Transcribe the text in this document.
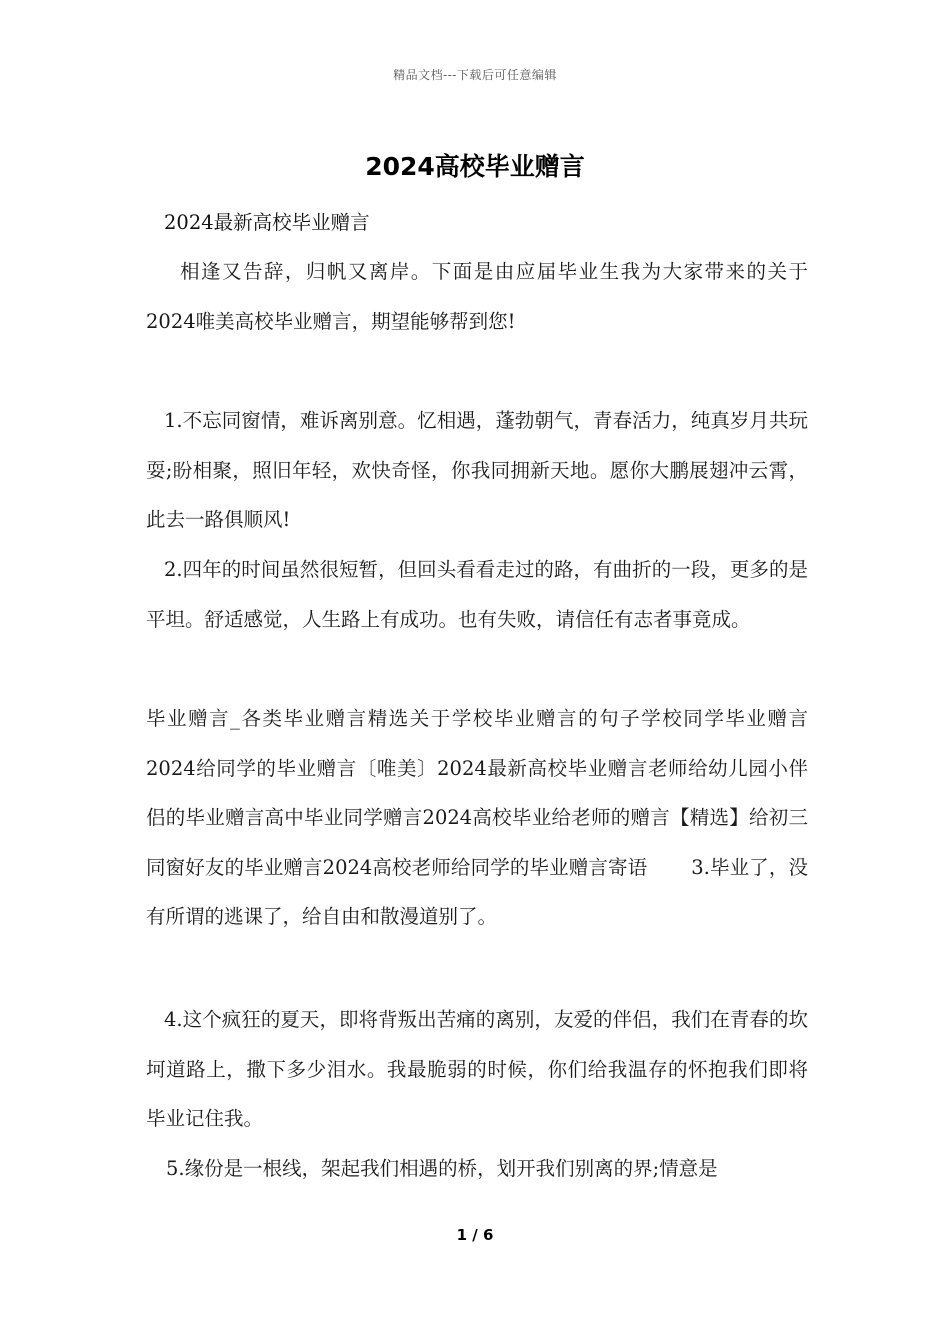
精品文档---下载后可任意编辑
2024高校毕业赠言
2024最新高校毕业赠言

相逢又告辞，归帆又离岸。下面是由应届毕业生我为大家带来的关于2024唯美高校毕业赠言，期望能够帮到您!

1.不忘同窗情，难诉离别意。忆相遇，蓬勃朝气，青春活力，纯真岁月共玩耍;盼相聚，照旧年轻，欢快奇怪，你我同拥新天地。愿你大鹏展翅冲云霄，此去一路俱顺风!

2.四年的时间虽然很短暂，但回头看看走过的路，有曲折的一段，更多的是平坦。舒适感觉，人生路上有成功。也有失败，请信任有志者事竟成。

毕业赠言_各类毕业赠言精选关于学校毕业赠言的句子学校同学毕业赠言2024给同学的毕业赠言〔唯美〕2024最新高校毕业赠言老师给幼儿园小伴侣的毕业赠言高中毕业同学赠言2024高校毕业给老师的赠言【精选】给初三同窗好友的毕业赠言2024高校老师给同学的毕业赠言寄语 3.毕业了，没有所谓的逃课了，给自由和散漫道别了。

4.这个疯狂的夏天，即将背叛出苦痛的离别，友爱的伴侣，我们在青春的坎坷道路上，撒下多少泪水。我最脆弱的时候，你们给我温存的怀抱我们即将毕业记住我。

5.缘份是一根线，架起我们相遇的桥，划开我们别离的界;情意是

1 / 6
